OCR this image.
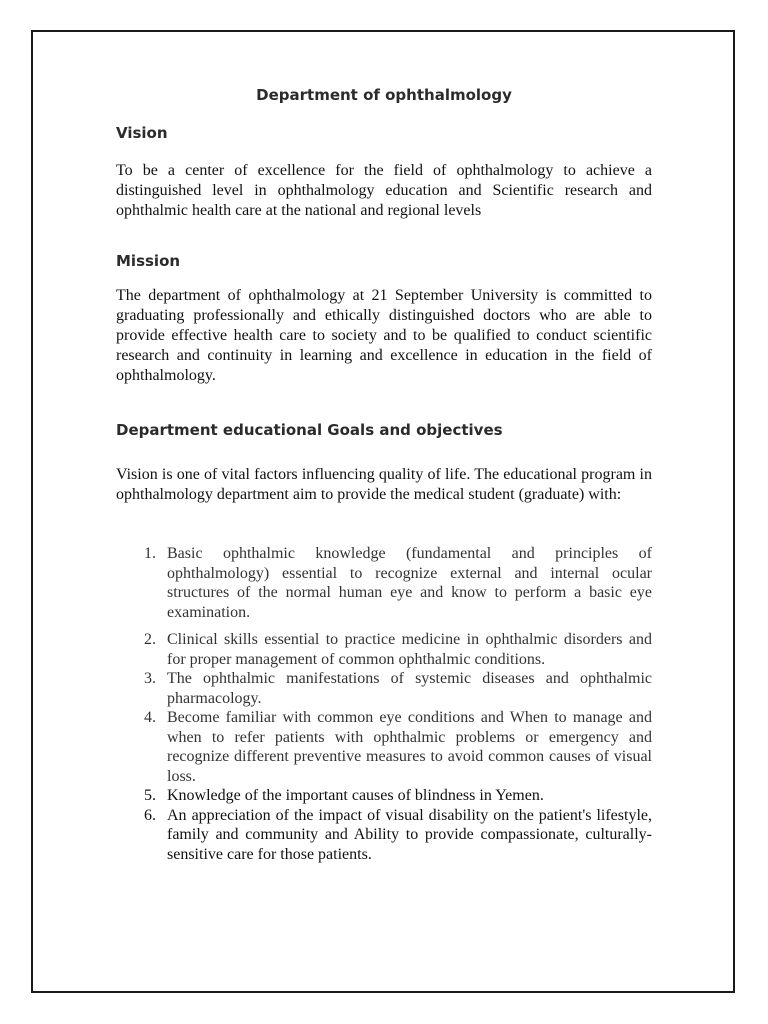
Department of ophthalmology
Vision

To be a center of excellence for the field of ophthalmology to achieve a distinguished level in ophthalmology education and Scientific research and ophthalmic health care at the national and regional levels

Mission

The department of ophthalmology at 21 September University is committed to graduating professionally and ethically distinguished doctors who are able to provide effective health care to society and to be qualified to conduct scientific research and continuity in learning and excellence in education in the field of ophthalmology.

Department educational Goals and objectives

Vision is one of vital factors influencing quality of life. The educational program in ophthalmology department aim to provide the medical student (graduate) with:

1. Basic ophthalmic knowledge (fundamental and principles of ophthalmology) essential to recognize external and internal ocular structures of the normal human eye and know to perform a basic eye examination.
2. Clinical skills essential to practice medicine in ophthalmic disorders and for proper management of common ophthalmic conditions.
3. The ophthalmic manifestations of systemic diseases and ophthalmic pharmacology.
4. Become familiar with common eye conditions and When to manage and when to refer patients with ophthalmic problems or emergency and recognize different preventive measures to avoid common causes of visual loss.
5. Knowledge of the important causes of blindness in Yemen.
6. An appreciation of the impact of visual disability on the patient's lifestyle, family and community and Ability to provide compassionate, culturally-sensitive care for those patients.
